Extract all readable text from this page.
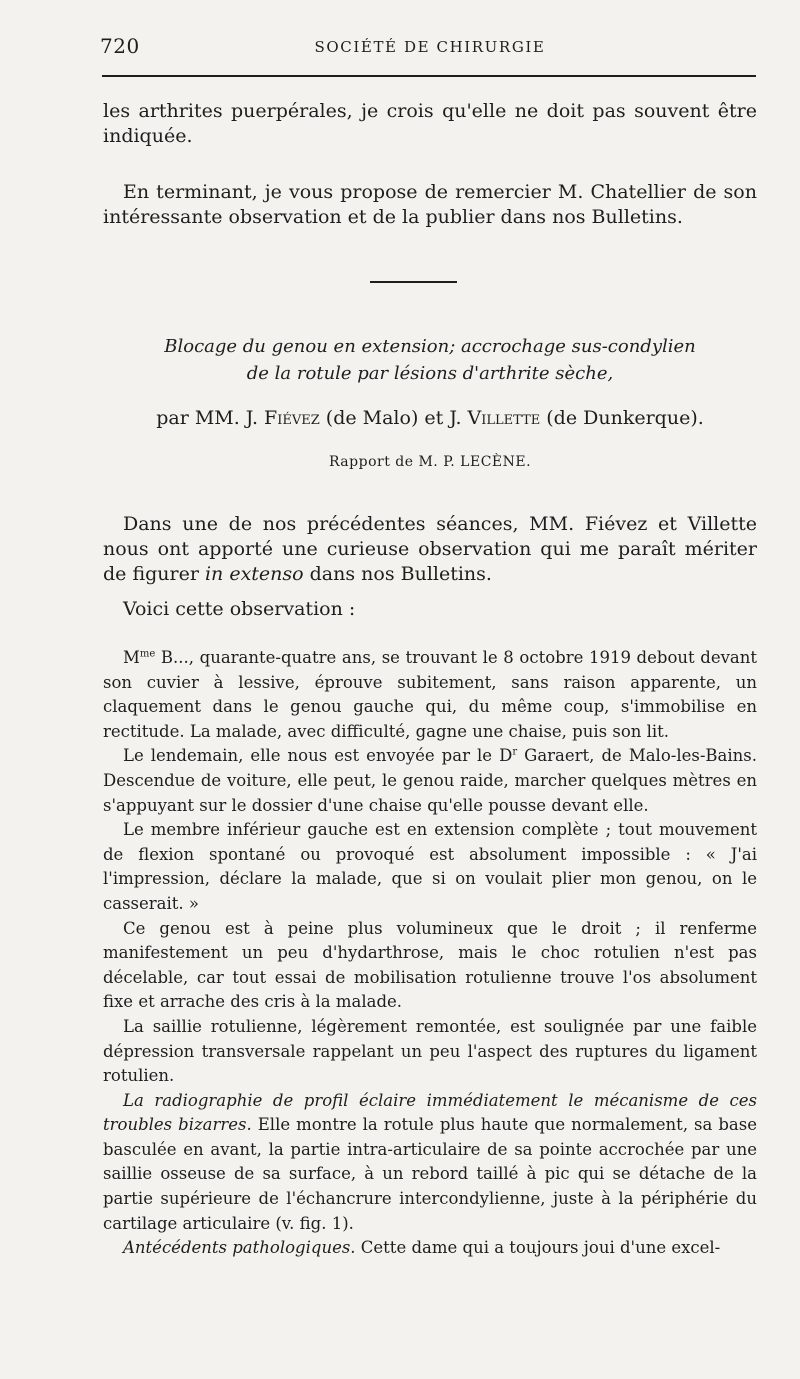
720	SOCIÉTÉ DE CHIRURGIE

les arthrites puerpérales, je crois qu'elle ne doit pas souvent être indiquée.

En terminant, je vous propose de remercier M. Chatellier de son intéressante observation et de la publier dans nos Bulletins.

Blocage du genou en extension; accrochage sus-condylien
de la rotule par lésions d'arthrite sèche,
par MM. J. Fiévez (de Malo) et J. Villette (de Dunkerque).
Rapport de M. P. LECÈNE.

Dans une de nos précédentes séances, MM. Fiévez et Villette nous ont apporté une curieuse observation qui me paraît mériter de figurer in extenso dans nos Bulletins.

Voici cette observation :

$M^{me}$ B..., quarante-quatre ans, se trouvant le 8 octobre 1919 debout devant son cuvier à lessive, éprouve subitement, sans raison apparente, un claquement dans le genou gauche qui, du même coup, s'immobilise en rectitude. La malade, avec difficulté, gagne une chaise, puis son lit.

Le lendemain, elle nous est envoyée par le $D^r$ Garaert, de Malo-les-Bains. Descendue de voiture, elle peut, le genou raide, marcher quelques mètres en s'appuyant sur le dossier d'une chaise qu'elle pousse devant elle.

Le membre inférieur gauche est en extension complète ; tout mouvement de flexion spontané ou provoqué est absolument impossible : « J'ai l'impression, déclare la malade, que si on voulait plier mon genou, on le casserait. »

Ce genou est à peine plus volumineux que le droit ; il renferme manifestement un peu d'hydarthrose, mais le choc rotulien n'est pas décelable, car tout essai de mobilisation rotulienne trouve l'os absolument fixe et arrache des cris à la malade.

La saillie rotulienne, légèrement remontée, est soulignée par une faible dépression transversale rappelant un peu l'aspect des ruptures du ligament rotulien.

La radiographie de profil éclaire immédiatement le mécanisme de ces troubles bizarres. Elle montre la rotule plus haute que normalement, sa base basculée en avant, la partie intra-articulaire de sa pointe accrochée par une saillie osseuse de sa surface, à un rebord taillé à pic qui se détache de la partie supérieure de l'échancrure intercondylienne, juste à la périphérie du cartilage articulaire (v. fig. 1).

Antécédents pathologiques. Cette dame qui a toujours joui d'une excel-
